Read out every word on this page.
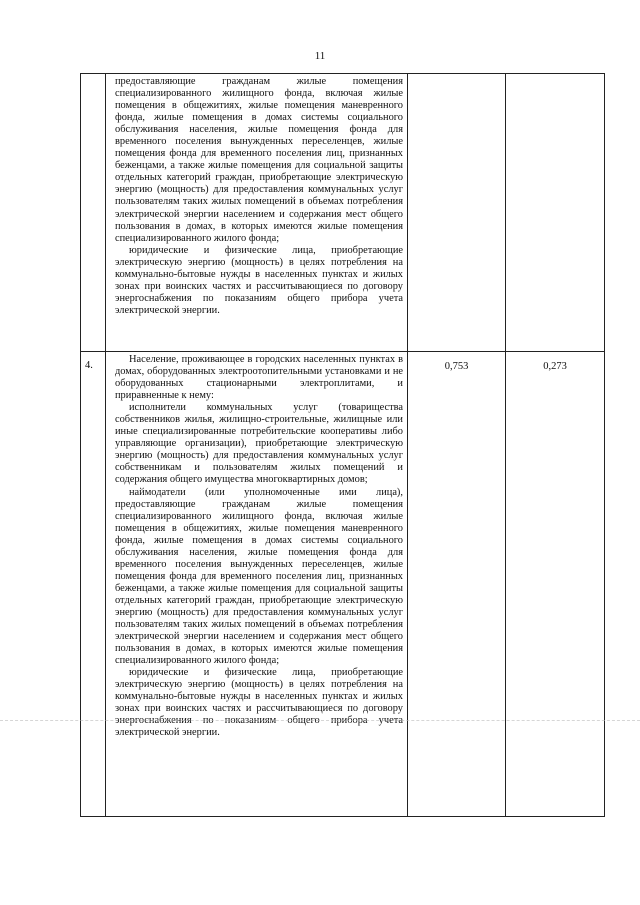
11

	предоставляющие гражданам жилые помещения специализированного жилищного фонда, включая жилые помещения в общежитиях, жилые помещения маневренного фонда, жилые помещения в домах системы социального обслуживания населения, жилые помещения фонда для временного поселения вынужденных переселенцев, жилые помещения фонда для временного поселения лиц, признанных беженцами, а также жилые помещения для социальной защиты отдельных категорий граждан, приобретающие электрическую энергию (мощность) для предоставления коммунальных услуг пользователям таких жилых помещений в объемах потребления электрической энергии населением и содержания мест общего пользования в домах, в которых имеются жилые помещения специализированного жилого фонда;

юридические и физические лица, приобретающие электрическую энергию (мощность) в целях потребления на коммунально-бытовые нужды в населенных пунктах и жилых зонах при воинских частях и рассчитывающиеся по договору энергоснабжения по показаниям общего прибора учета электрической энергии.		

4.	Население, проживающее в городских населенных пунктах в домах, оборудованных электроотопительными установками и не оборудованных стационарными электроплитами, и приравненные к нему:

исполнители коммунальных услуг (товарищества собственников жилья, жилищно-строительные, жилищные или иные специализированные потребительские кооперативы либо управляющие организации), приобретающие электрическую энергию (мощность) для предоставления коммунальных услуг собственникам и пользователям жилых помещений и содержания общего имущества многоквартирных домов;

наймодатели (или уполномоченные ими лица), предоставляющие гражданам жилые помещения специализированного жилищного фонда, включая жилые помещения в общежитиях, жилые помещения маневренного фонда, жилые помещения в домах системы социального обслуживания населения, жилые помещения фонда для временного поселения вынужденных переселенцев, жилые помещения фонда для временного поселения лиц, признанных беженцами, а также жилые помещения для социальной защиты отдельных категорий граждан, приобретающие электрическую энергию (мощность) для предоставления коммунальных услуг пользователям таких жилых помещений в объемах потребления электрической энергии населением и содержания мест общего пользования в домах, в которых имеются жилые помещения специализированного жилого фонда;

юридические и физические лица, приобретающие электрическую энергию (мощность) в целях потребления на коммунально-бытовые нужды в населенных пунктах и жилых зонах при воинских частях и рассчитывающиеся по договору энергоснабжения по показаниям общего прибора учета электрической энергии.	0,753	0,273
